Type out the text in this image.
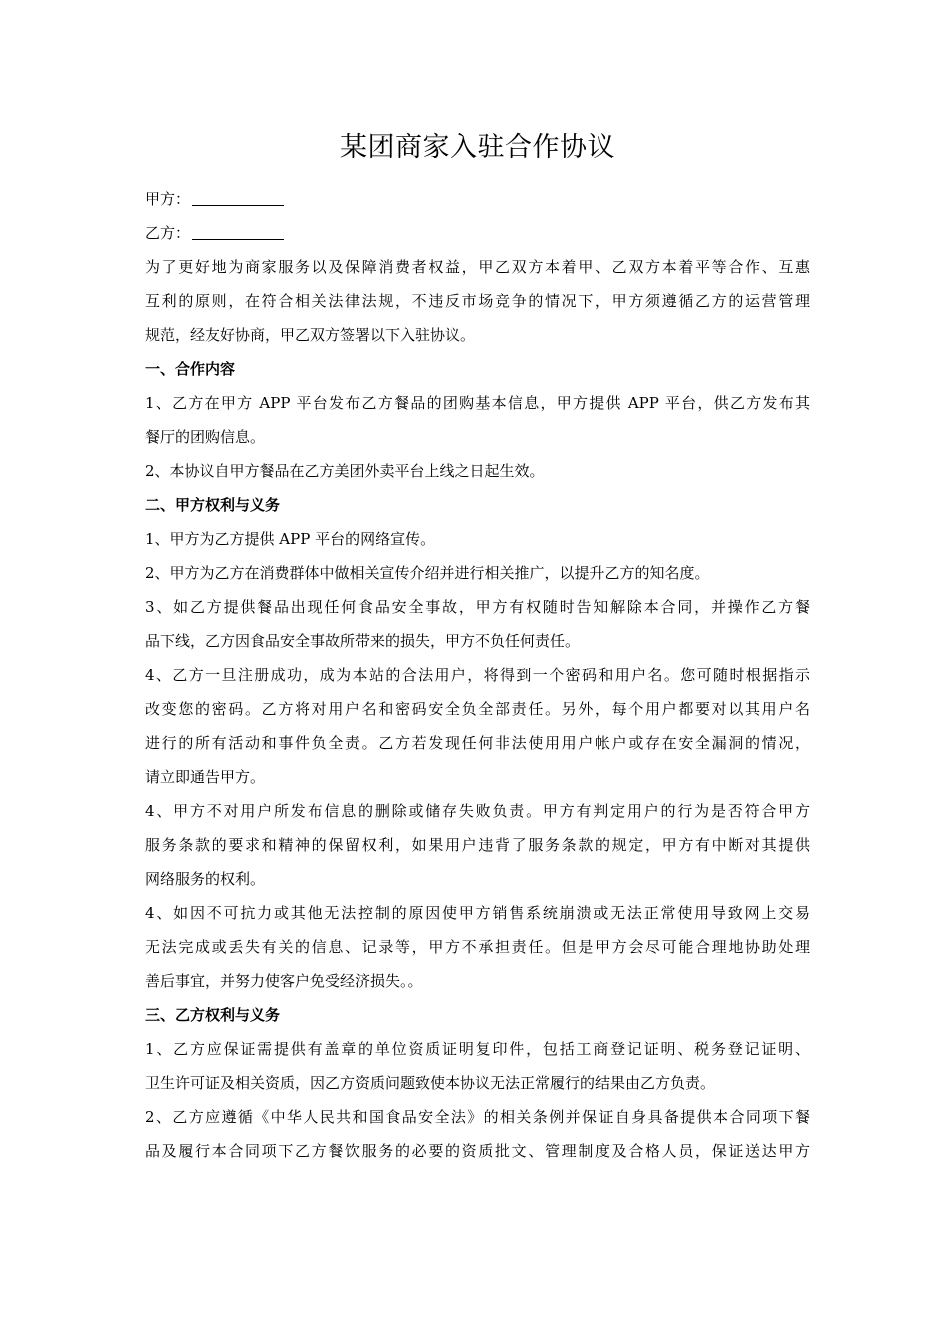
某团商家入驻合作协议
甲方：
乙方：
为了更好地为商家服务以及保障消费者权益，甲乙双方本着甲、乙双方本着平等合作、互惠
互利的原则，在符合相关法律法规，不违反市场竞争的情况下，甲方须遵循乙方的运营管理
规范，经友好协商，甲乙双方签署以下入驻协议。
一、合作内容
1、乙方在甲方 APP 平台发布乙方餐品的团购基本信息，甲方提供 APP 平台，供乙方发布其
餐厅的团购信息。
2、本协议自甲方餐品在乙方美团外卖平台上线之日起生效。
二、甲方权利与义务
1、甲方为乙方提供 APP 平台的网络宣传。
2、甲方为乙方在消费群体中做相关宣传介绍并进行相关推广，以提升乙方的知名度。
3、如乙方提供餐品出现任何食品安全事故，甲方有权随时告知解除本合同，并操作乙方餐
品下线，乙方因食品安全事故所带来的损失，甲方不负任何责任。
4、乙方一旦注册成功，成为本站的合法用户，将得到一个密码和用户名。您可随时根据指示
改变您的密码。乙方将对用户名和密码安全负全部责任。另外，每个用户都要对以其用户名
进行的所有活动和事件负全责。乙方若发现任何非法使用用户帐户或存在安全漏洞的情况，
请立即通告甲方。
4、甲方不对用户所发布信息的删除或储存失败负责。甲方有判定用户的行为是否符合甲方
服务条款的要求和精神的保留权利，如果用户违背了服务条款的规定，甲方有中断对其提供
网络服务的权利。
4、如因不可抗力或其他无法控制的原因使甲方销售系统崩溃或无法正常使用导致网上交易
无法完成或丢失有关的信息、记录等，甲方不承担责任。但是甲方会尽可能合理地协助处理
善后事宜，并努力使客户免受经济损失。。
三、乙方权利与义务
1、乙方应保证需提供有盖章的单位资质证明复印件，包括工商登记证明、税务登记证明、
卫生许可证及相关资质，因乙方资质问题致使本协议无法正常履行的结果由乙方负责。
2、乙方应遵循《中华人民共和国食品安全法》的相关条例并保证自身具备提供本合同项下餐
品及履行本合同项下乙方餐饮服务的必要的资质批文、管理制度及合格人员，保证送达甲方
